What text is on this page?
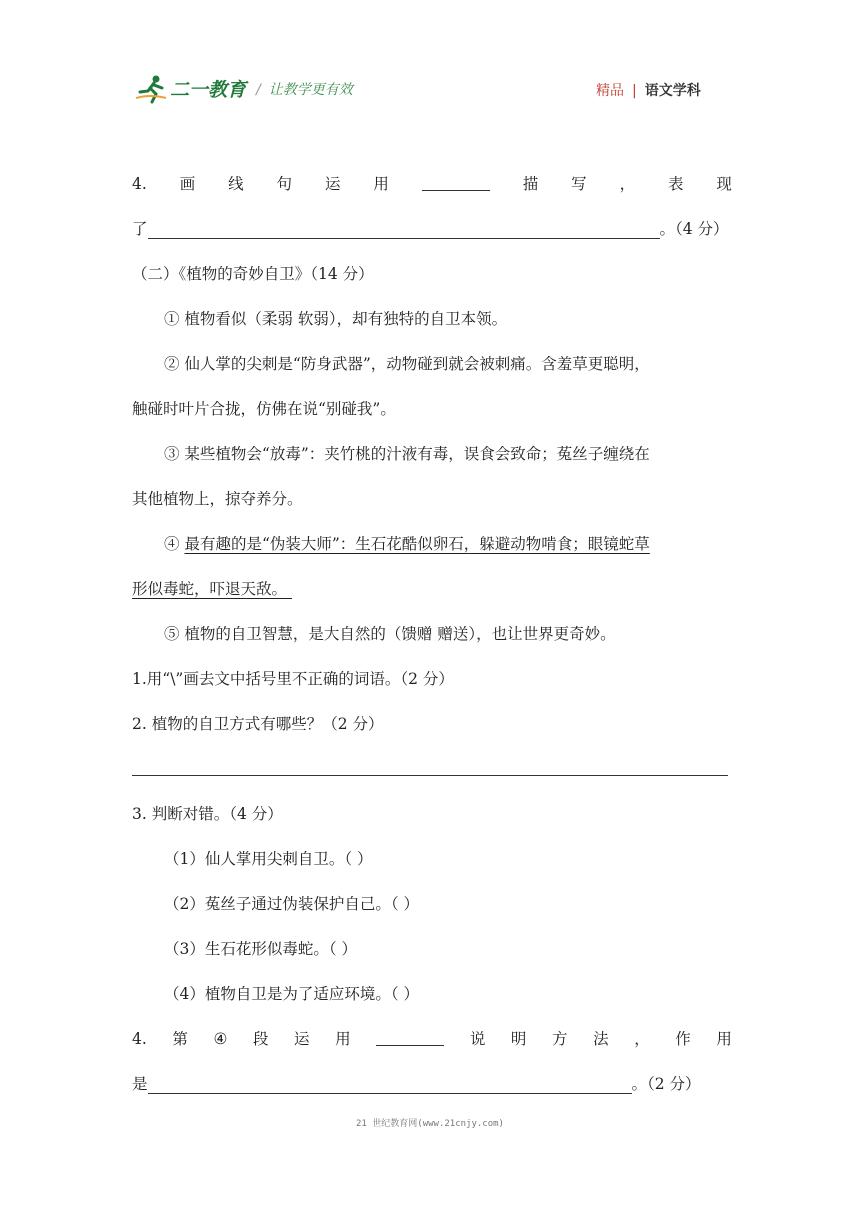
二一教育 / 让教学更有效	精品 | 语文学科
4. 画 线 句 运 用	描 写 ， 表 现
了	。（4 分）
（二）《植物的奇妙自卫》（14 分）
① 植物看似（柔弱 软弱），却有独特的自卫本领。
② 仙人掌的尖刺是“防身武器”，动物碰到就会被刺痛。含羞草更聪明，
触碰时叶片合拢，仿佛在说“别碰我”。
③ 某些植物会“放毒”：夹竹桃的汁液有毒，误食会致命；菟丝子缠绕在
其他植物上，掠夺养分。
④ 最有趣的是“伪装大师”：生石花酷似卵石，躲避动物啃食；眼镜蛇草
形似毒蛇，吓退天敌。
⑤ 植物的自卫智慧，是大自然的（馈赠 赠送），也让世界更奇妙。
1.用“\”画去文中括号里不正确的词语。（2 分）
2. 植物的自卫方式有哪些？（2 分）
3. 判断对错。（4 分）
（1）仙人掌用尖刺自卫。（ ）
（2）菟丝子通过伪装保护自己。（ ）
（3）生石花形似毒蛇。（ ）
（4）植物自卫是为了适应环境。（ ）
4. 第 ④ 段 运 用	说 明 方 法 ， 作 用
是	。（2 分）
21 世纪教育网(www.21cnjy.com)
